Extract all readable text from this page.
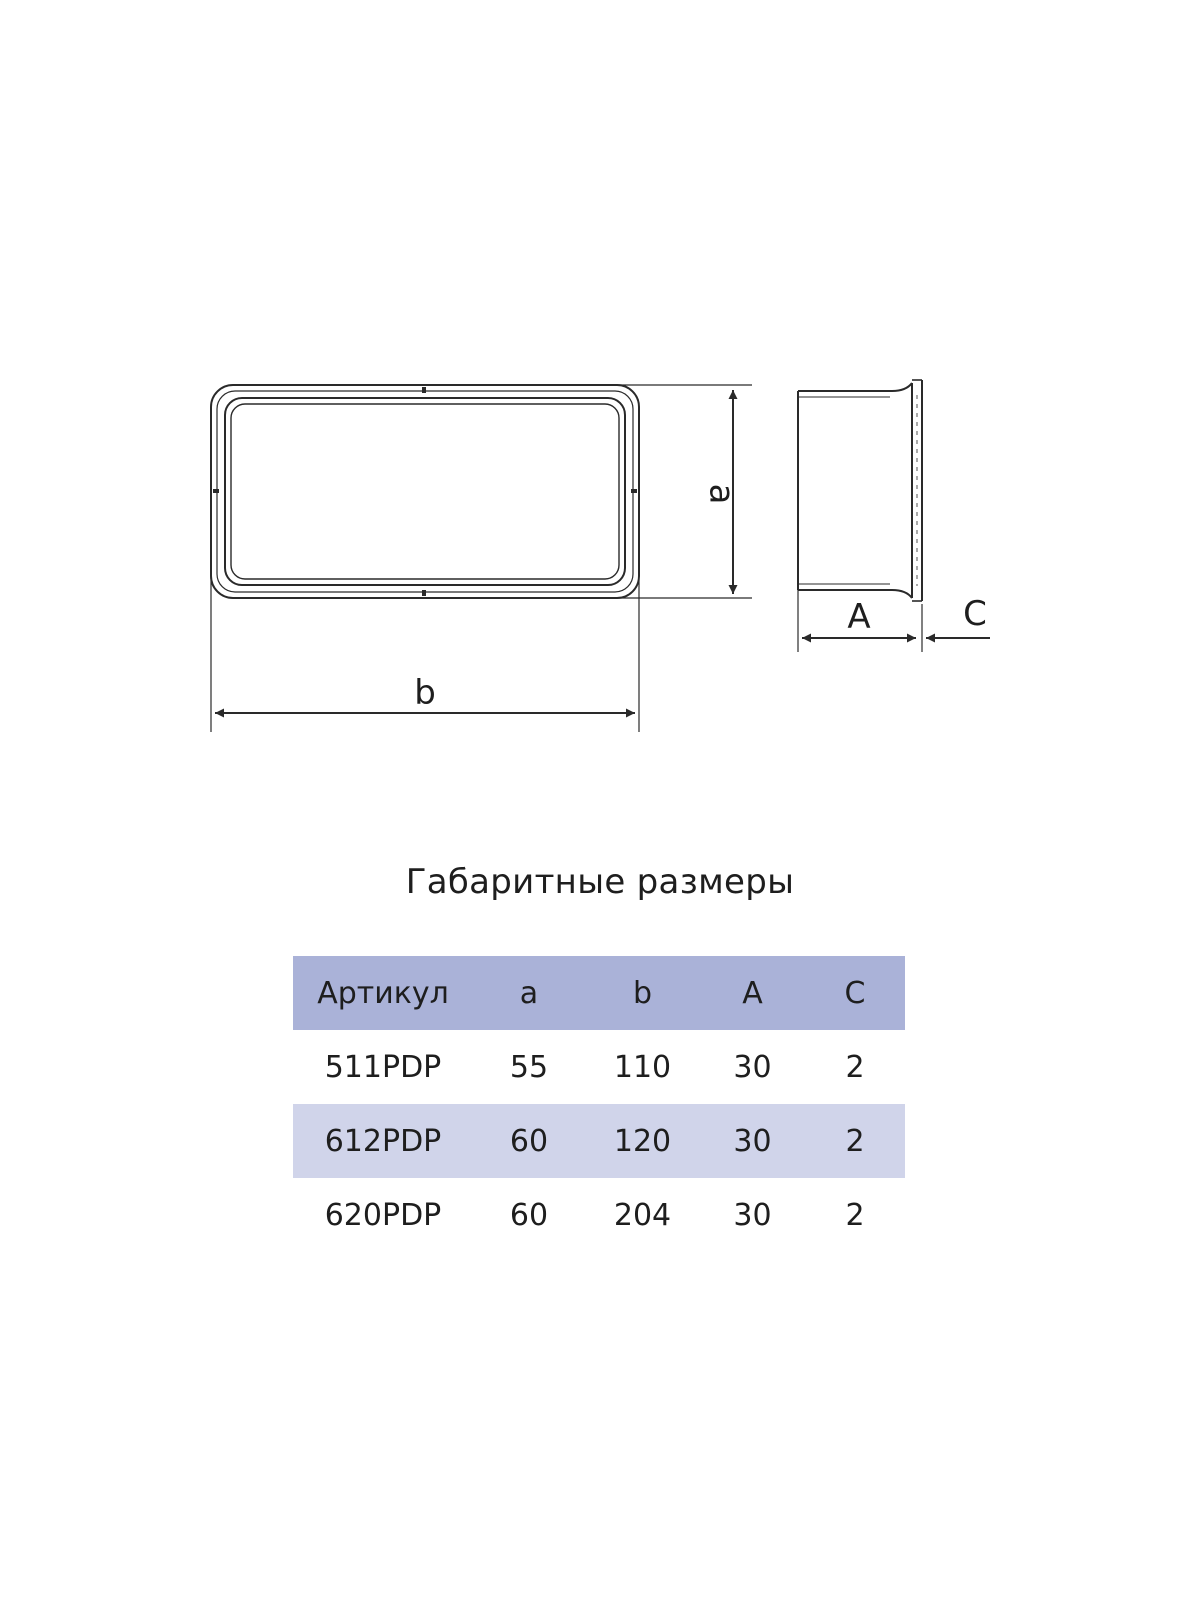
a
b
A	C
Габаритные размеры
Артикул	a	b	A	C
511PDP	55	110	30	2
612PDP	60	120	30	2
620PDP	60	204	30	2
